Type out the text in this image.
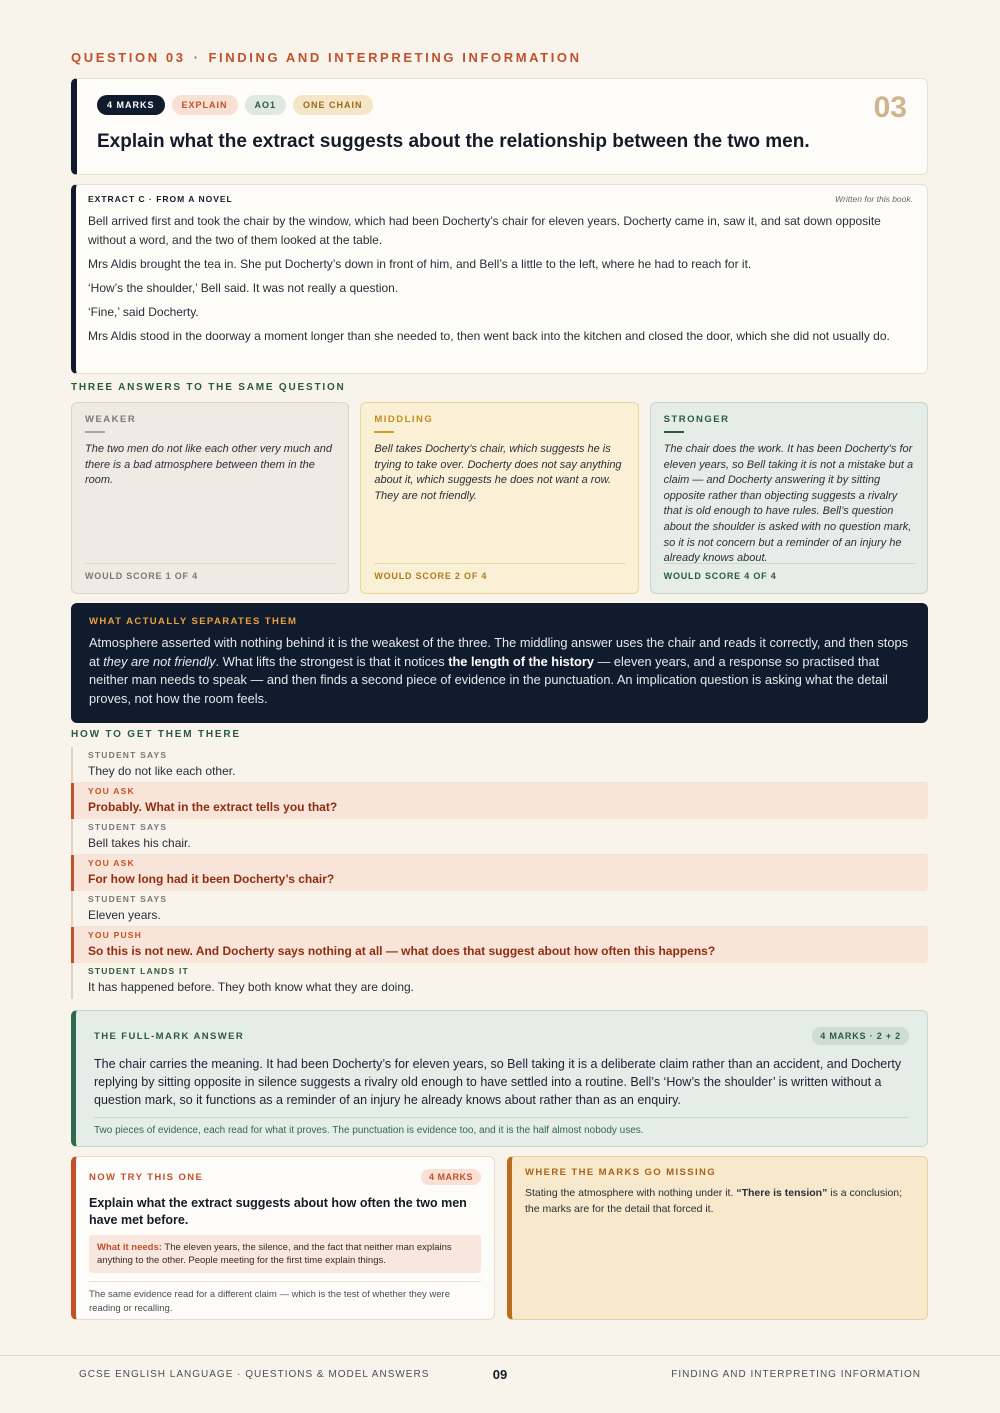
QUESTION 03 · FINDING AND INTERPRETING INFORMATION
4 MARKS	EXPLAIN	AO1	ONE CHAIN	03
Explain what the extract suggests about the relationship between the two men.
EXTRACT C · FROM A NOVEL	Written for this book.

Bell arrived first and took the chair by the window, which had been Docherty’s chair for eleven years. Docherty came in, saw it, and sat down opposite without a word, and the two of them looked at the table.

Mrs Aldis brought the tea in. She put Docherty’s down in front of him, and Bell’s a little to the left, where he had to reach for it.

‘How’s the shoulder,’ Bell said. It was not really a question.

‘Fine,’ said Docherty.

Mrs Aldis stood in the doorway a moment longer than she needed to, then went back into the kitchen and closed the door, which she did not usually do.

THREE ANSWERS TO THE SAME QUESTION
WEAKER
The two men do not like each other very much and there is a bad atmosphere between them in the room.
WOULD SCORE 1 OF 4
MIDDLING
Bell takes Docherty’s chair, which suggests he is trying to take over. Docherty does not say anything about it, which suggests he does not want a row. They are not friendly.
WOULD SCORE 2 OF 4
STRONGER
The chair does the work. It has been Docherty’s for eleven years, so Bell taking it is not a mistake but a claim — and Docherty answering it by sitting opposite rather than objecting suggests a rivalry that is old enough to have rules. Bell’s question about the shoulder is asked with no question mark, so it is not concern but a reminder of an injury he already knows about.
WOULD SCORE 4 OF 4
WHAT ACTUALLY SEPARATES THEM
Atmosphere asserted with nothing behind it is the weakest of the three. The middling answer uses the chair and reads it correctly, and then stops at they are not friendly. What lifts the strongest is that it notices the length of the history — eleven years, and a response so practised that neither man needs to speak — and then finds a second piece of evidence in the punctuation. An implication question is asking what the detail proves, not how the room feels.
HOW TO GET THEM THERE
STUDENT SAYS
They do not like each other.
YOU ASK
Probably. What in the extract tells you that?
STUDENT SAYS
Bell takes his chair.
YOU ASK
For how long had it been Docherty’s chair?
STUDENT SAYS
Eleven years.
YOU PUSH
So this is not new. And Docherty says nothing at all — what does that suggest about how often this happens?
STUDENT LANDS IT
It has happened before. They both know what they are doing.
THE FULL-MARK ANSWER	4 MARKS · 2 + 2
The chair carries the meaning. It had been Docherty’s for eleven years, so Bell taking it is a deliberate claim rather than an accident, and Docherty replying by sitting opposite in silence suggests a rivalry old enough to have settled into a routine. Bell’s ‘How’s the shoulder’ is written without a question mark, so it functions as a reminder of an injury he already knows about rather than as an enquiry.
Two pieces of evidence, each read for what it proves. The punctuation is evidence too, and it is the half almost nobody uses.
NOW TRY THIS ONE	4 MARKS
Explain what the extract suggests about how often the two men have met before.
What it needs: The eleven years, the silence, and the fact that neither man explains anything to the other. People meeting for the first time explain things.
The same evidence read for a different claim — which is the test of whether they were reading or recalling.
WHERE THE MARKS GO MISSING
Stating the atmosphere with nothing under it. “There is tension” is a conclusion; the marks are for the detail that forced it.
GCSE ENGLISH LANGUAGE · QUESTIONS & MODEL ANSWERS	09	FINDING AND INTERPRETING INFORMATION
